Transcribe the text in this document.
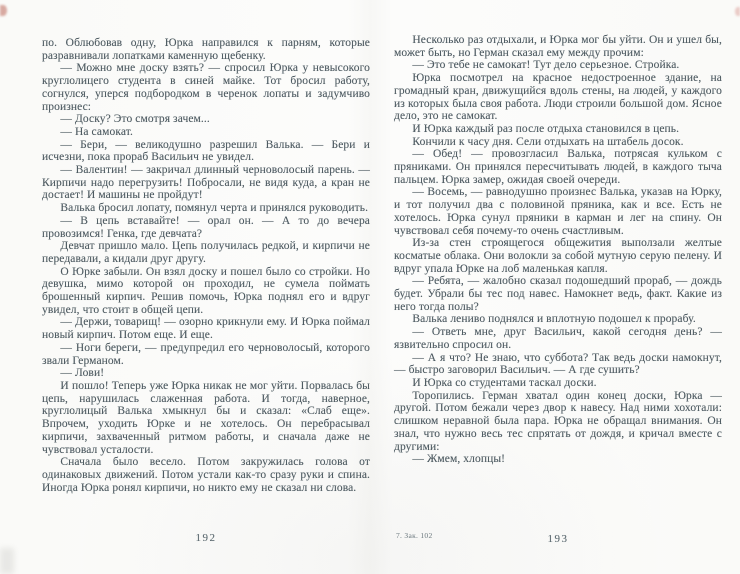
по. Облюбовав одну, Юрка направился к парням, которые разравнивали лопатками каменную щебенку.

— Можно мне доску взять? — спросил Юрка у невысокого круглолицего студента в синей майке. Тот бросил работу, согнулся, уперся подбородком в черенок лопаты и задумчиво произнес:

— Доску? Это смотря зачем...

— На самокат.

— Бери, — великодушно разрешил Валька. — Бери и исчезни, пока прораб Васильич не увидел.

— Валентин! — закричал длинный черноволосый парень. — Кирпичи надо перегрузить! Побросали, не видя куда, а кран не достает! И машины не пройдут!

Валька бросил лопату, помянул черта и принялся руководить.

— В цепь вставайте! — орал он. — А то до вечера провозимся! Генка, где девчата?

Девчат пришло мало. Цепь получилась редкой, и кирпичи не передавали, а кидали друг другу.

О Юрке забыли. Он взял доску и пошел было со стройки. Но девушка, мимо которой он проходил, не сумела поймать брошенный кирпич. Решив помочь, Юрка поднял его и вдруг увидел, что стоит в общей цепи.

— Держи, товарищ! — озорно крикнули ему. И Юрка поймал новый кирпич. Потом еще. И еще.

— Ноги береги, — предупредил его черноволосый, которого звали Германом.

— Лови!

И пошло! Теперь уже Юрка никак не мог уйти. Порвалась бы цепь, нарушилась слаженная работа. И тогда, наверное, круглолицый Валька хмыкнул бы и сказал: «Слаб еще». Впрочем, уходить Юрке и не хотелось. Он перебрасывал кирпичи, захваченный ритмом работы, и сначала даже не чувствовал усталости.

Сначала было весело. Потом закружилась голова от одинаковых движений. Потом устали как-то сразу руки и спина. Иногда Юрка ронял кирпичи, но никто ему не сказал ни слова.

Несколько раз отдыхали, и Юрка мог бы уйти. Он и ушел бы, может быть, но Герман сказал ему между прочим:

— Это тебе не самокат! Тут дело серьезное. Стройка.

Юрка посмотрел на красное недостроенное здание, на громадный кран, движущийся вдоль стены, на людей, у каждого из которых была своя работа. Люди строили большой дом. Ясное дело, это не самокат.

И Юрка каждый раз после отдыха становился в цепь.

Кончили к часу дня. Сели отдыхать на штабель досок.

— Обед! — провозгласил Валька, потрясая кульком с пряниками. Он принялся пересчитывать людей, в каждого тыча пальцем. Юрка замер, ожидая своей очереди.

— Восемь, — равнодушно произнес Валька, указав на Юрку, и тот получил два с половиной пряника, как и все. Есть не хотелось. Юрка сунул пряники в карман и лег на спину. Он чувствовал себя почему-то очень счастливым.

Из-за стен строящегося общежития выползали желтые косматые облака. Они волокли за собой мутную серую пелену. И вдруг упала Юрке на лоб маленькая капля.

— Ребята, — жалобно сказал подошедший прораб, — дождь будет. Убрали бы тес под навес. Намокнет ведь, факт. Какие из него тогда полы?

Валька лениво поднялся и вплотную подошел к прорабу.

— Ответь мне, друг Васильич, какой сегодня день? — язвительно спросил он.

— А я что? Не знаю, что суббота? Так ведь доски намокнут, — быстро заговорил Васильич. — А где сушить?

И Юрка со студентами таскал доски.

Торопились. Герман хватал один конец доски, Юрка — другой. Потом бежали через двор к навесу. Над ними хохотали: слишком неравной была пара. Юрка не обращал внимания. Он знал, что нужно весь тес спрятать от дождя, и кричал вместе с другими:

— Жмем, хлопцы!

192	7. Зак. 102	193
